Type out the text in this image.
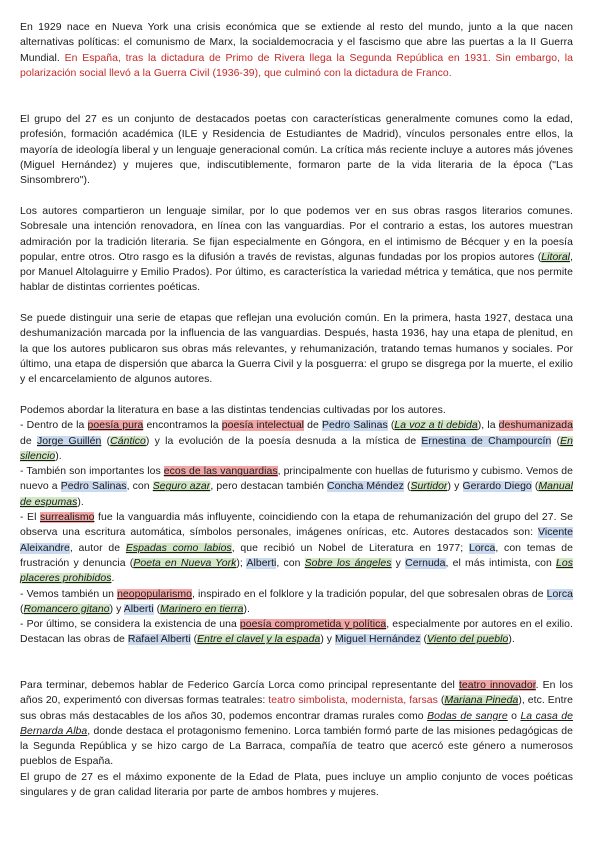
En 1929 nace en Nueva York una crisis económica que se extiende al resto del mundo, junto a la que nacen alternativas políticas: el comunismo de Marx, la socialdemocracia y el fascismo que abre las puertas a la II Guerra Mundial. En España, tras la dictadura de Primo de Rivera llega la Segunda República en 1931. Sin embargo, la polarización social llevó a la Guerra Civil (1936-39), que culminó con la dictadura de Franco.

El grupo del 27 es un conjunto de destacados poetas con características generalmente comunes como la edad, profesión, formación académica (ILE y Residencia de Estudiantes de Madrid), vínculos personales entre ellos, la mayoría de ideología liberal y un lenguaje generacional común. La crítica más reciente incluye a autores más jóvenes (Miguel Hernández) y mujeres que, indiscutiblemente, formaron parte de la vida literaria de la época ("Las Sinsombrero").

Los autores compartieron un lenguaje similar, por lo que podemos ver en sus obras rasgos literarios comunes. Sobresale una intención renovadora, en línea con las vanguardias. Por el contrario a estas, los autores muestran admiración por la tradición literaria. Se fijan especialmente en Góngora, en el intimismo de Bécquer y en la poesía popular, entre otros. Otro rasgo es la difusión a través de revistas, algunas fundadas por los propios autores (Litoral, por Manuel Altolaguirre y Emilio Prados). Por último, es característica la variedad métrica y temática, que nos permite hablar de distintas corrientes poéticas.

Se puede distinguir una serie de etapas que reflejan una evolución común. En la primera, hasta 1927, destaca una deshumanización marcada por la influencia de las vanguardias. Después, hasta 1936, hay una etapa de plenitud, en la que los autores publicaron sus obras más relevantes, y rehumanización, tratando temas humanos y sociales. Por último, una etapa de dispersión que abarca la Guerra Civil y la posguerra: el grupo se disgrega por la muerte, el exilio y el encarcelamiento de algunos autores.

Podemos abordar la literatura en base a las distintas tendencias cultivadas por los autores.
- Dentro de la poesía pura encontramos la poesía intelectual de Pedro Salinas (La voz a ti debida), la deshumanizada de Jorge Guillén (Cántico) y la evolución de la poesía desnuda a la mística de Ernestina de Champourcín (En silencio).
- También son importantes los ecos de las vanguardias, principalmente con huellas de futurismo y cubismo. Vemos de nuevo a Pedro Salinas, con Seguro azar, pero destacan también Concha Méndez (Surtidor) y Gerardo Diego (Manual de espumas).
- El surrealismo fue la vanguardia más influyente, coincidiendo con la etapa de rehumanización del grupo del 27. Se observa una escritura automática, símbolos personales, imágenes oníricas, etc. Autores destacados son: Vicente Aleixandre, autor de Espadas como labios, que recibió un Nobel de Literatura en 1977; Lorca, con temas de frustración y denuncia (Poeta en Nueva York); Alberti, con Sobre los ángeles y Cernuda, el más intimista, con Los placeres prohibidos.
- Vemos también un neopopularismo, inspirado en el folklore y la tradición popular, del que sobresalen obras de Lorca (Romancero gitano) y Alberti (Marinero en tierra).
- Por último, se considera la existencia de una poesía comprometida y política, especialmente por autores en el exilio. Destacan las obras de Rafael Alberti (Entre el clavel y la espada) y Miguel Hernández (Viento del pueblo).

Para terminar, debemos hablar de Federico García Lorca como principal representante del teatro innovador. En los años 20, experimentó con diversas formas teatrales: teatro simbolista, modernista, farsas (Mariana Pineda), etc. Entre sus obras más destacables de los años 30, podemos encontrar dramas rurales como Bodas de sangre o La casa de Bernarda Alba, donde destaca el protagonismo femenino. Lorca también formó parte de las misiones pedagógicas de la Segunda República y se hizo cargo de La Barraca, compañía de teatro que acercó este género a numerosos pueblos de España.

El grupo de 27 es el máximo exponente de la Edad de Plata, pues incluye un amplio conjunto de voces poéticas singulares y de gran calidad literaria por parte de ambos hombres y mujeres.
